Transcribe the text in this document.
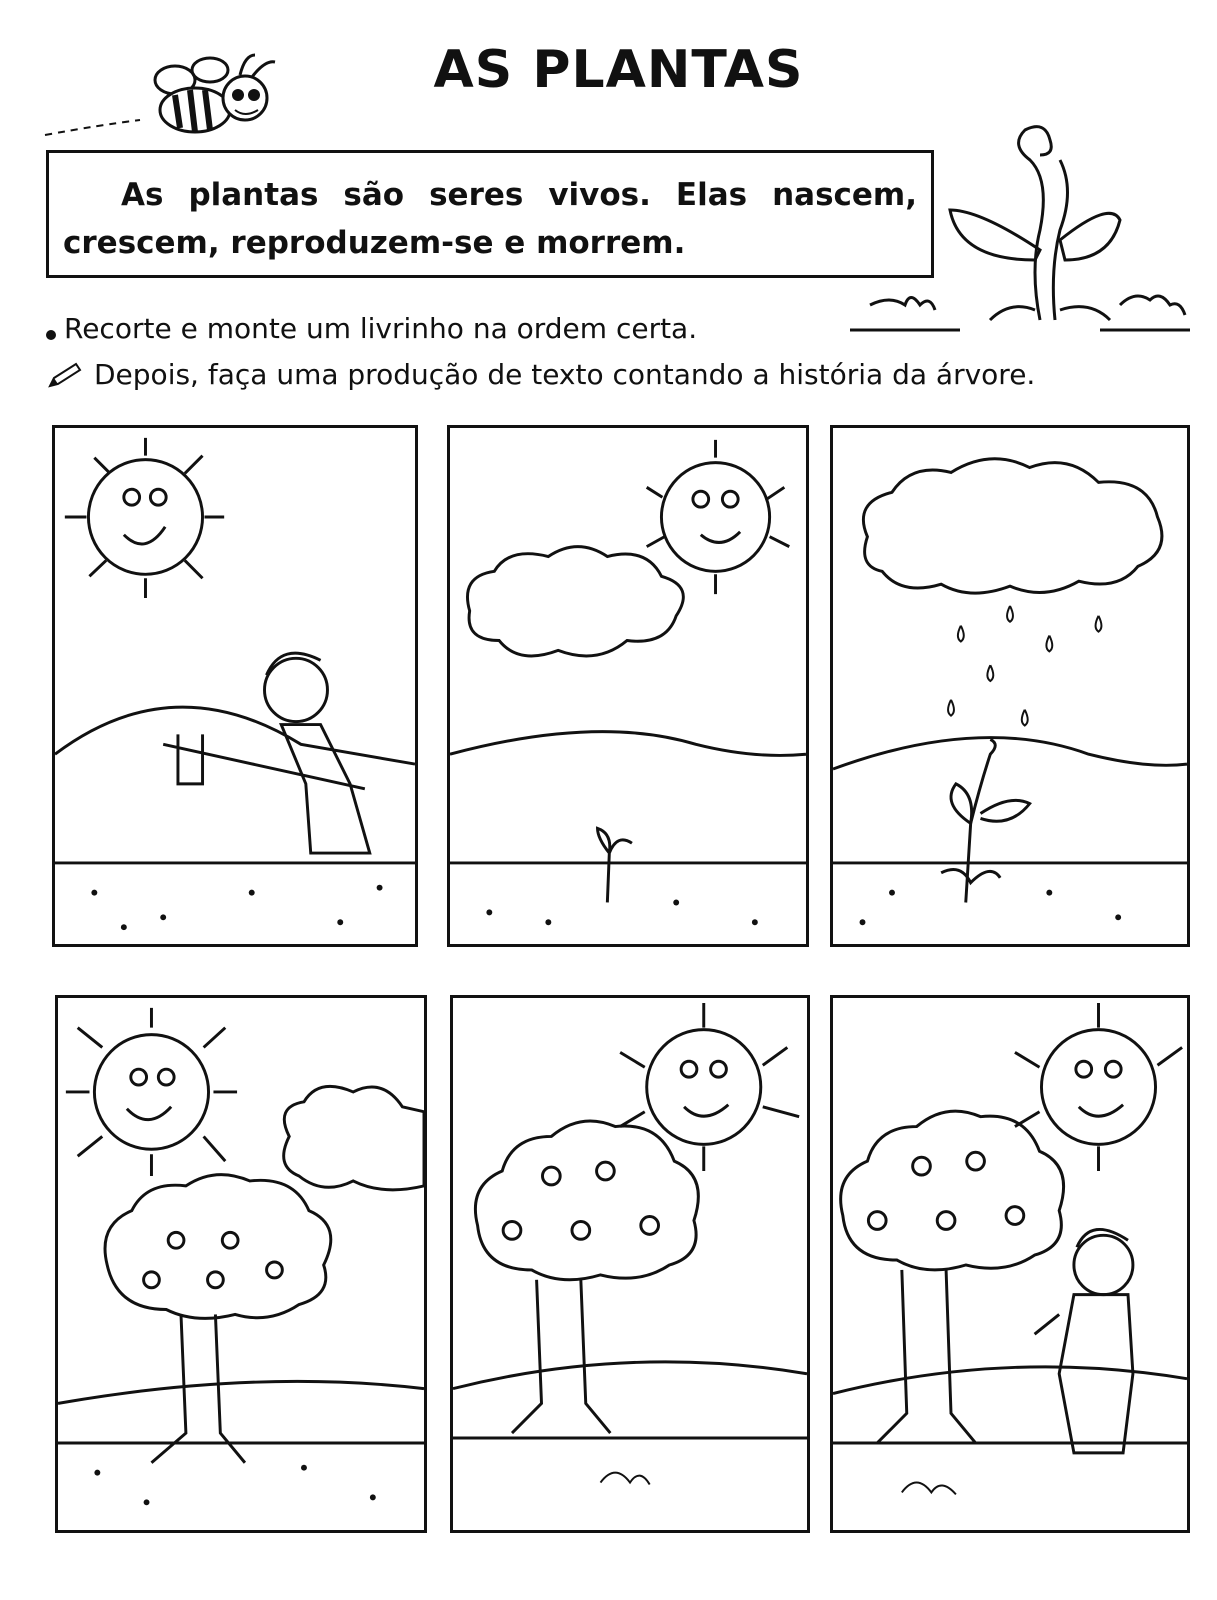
AS PLANTAS
As plantas são seres vivos. Elas nascem, crescem, reproduzem-se e morrem.
Recorte e monte um livrinho na ordem certa.
Depois, faça uma produção de texto contando a história da árvore.
